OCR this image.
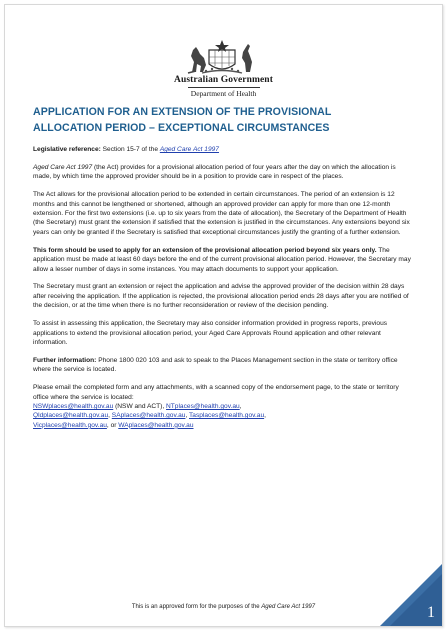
Australian Government
Department of Health
APPLICATION FOR AN EXTENSION OF THE PROVISIONAL
ALLOCATION PERIOD – EXCEPTIONAL CIRCUMSTANCES

Legislative reference: Section 15-7 of the Aged Care Act 1997

Aged Care Act 1997 (the Act) provides for a provisional allocation period of four years after the day on which the allocation is made, by which time the approved provider should be in a position to provide care in respect of the places.

The Act allows for the provisional allocation period to be extended in certain circumstances. The period of an extension is 12 months and this cannot be lengthened or shortened, although an approved provider can apply for more than one 12-month extension. For the first two extensions (i.e. up to six years from the date of allocation), the Secretary of the Department of Health (the Secretary) must grant the extension if satisfied that the extension is justified in the circumstances. Any extensions beyond six years can only be granted if the Secretary is satisfied that exceptional circumstances justify the granting of a further extension.

This form should be used to apply for an extension of the provisional allocation period beyond six years only. The application must be made at least 60 days before the end of the current provisional allocation period. However, the Secretary may allow a lesser number of days in some instances. You may attach documents to support your application.

The Secretary must grant an extension or reject the application and advise the approved provider of the decision within 28 days after receiving the application. If the application is rejected, the provisional allocation period ends 28 days after you are notified of the decision, or at the time when there is no further reconsideration or review of the decision pending.

To assist in assessing this application, the Secretary may also consider information provided in progress reports, previous applications to extend the provisional allocation period, your Aged Care Approvals Round application and other relevant information.

Further information: Phone 1800 020 103 and ask to speak to the Places Management section in the state or territory office where the service is located.

Please email the completed form and any attachments, with a scanned copy of the endorsement page, to the state or territory office where the service is located:
NSWplaces@health.gov.au (NSW and ACT), NTplaces@health.gov.au,
Qldplaces@health.gov.au, SAplaces@health.gov.au, Tasplaces@health.gov.au,
Vicplaces@health.gov.au, or WAplaces@health.gov.au

This is an approved form for the purposes of the Aged Care Act 1997	1
